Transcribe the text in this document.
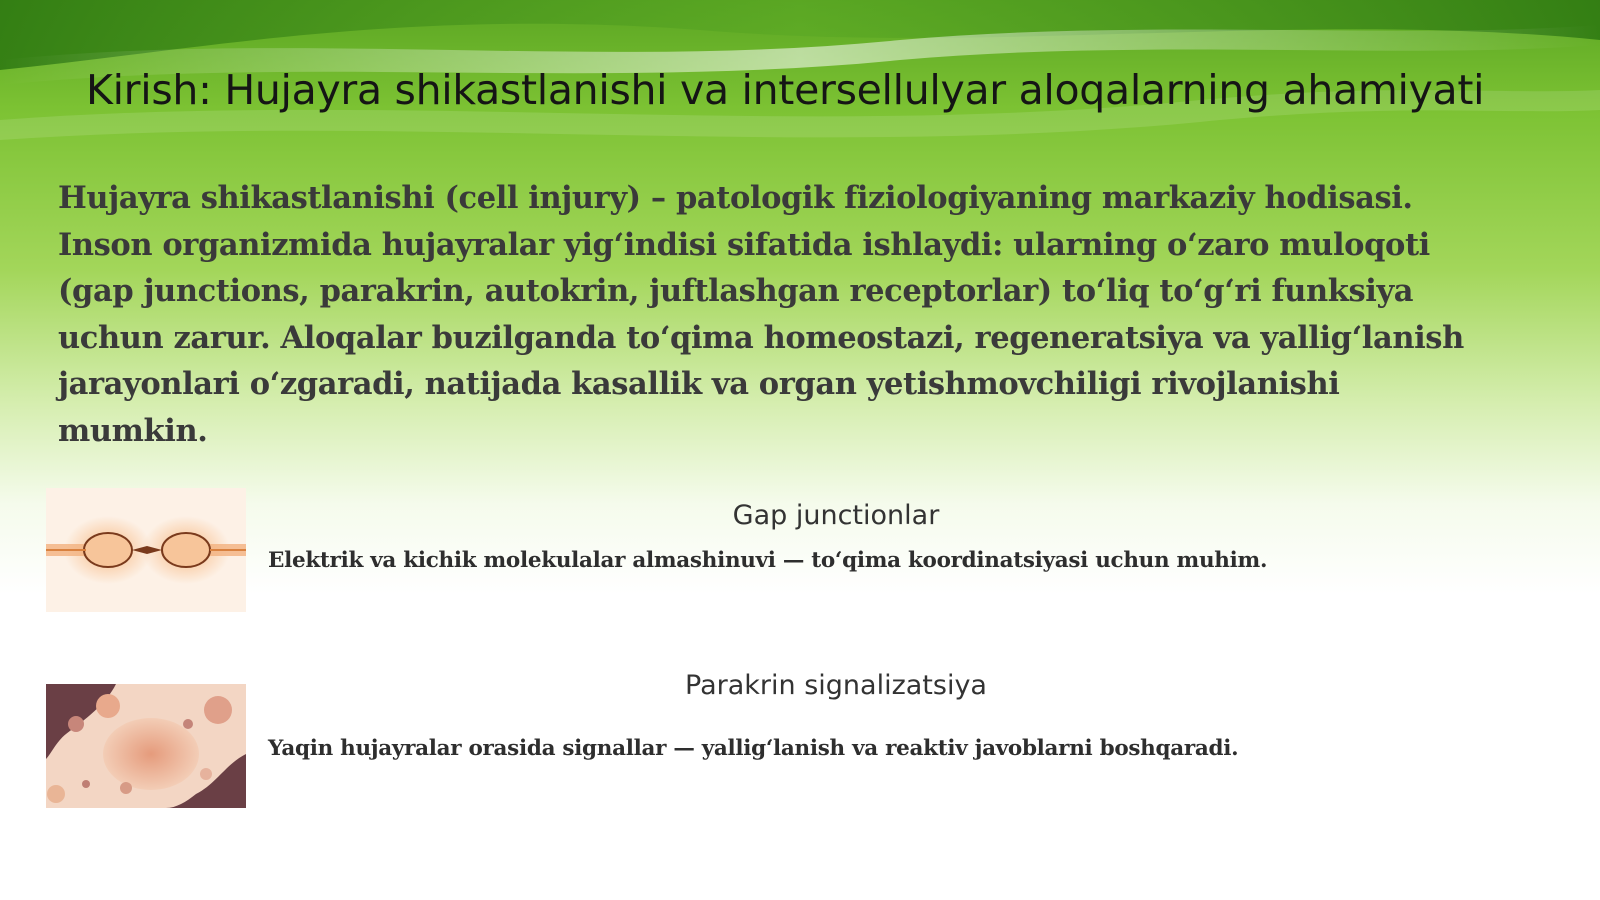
Kirish: Hujayra shikastlanishi va intersellulyar aloqalarning ahamiyati

Hujayra shikastlanishi (cell injury) – patologik fiziologiyaning markaziy hodisasi. Inson organizmida hujayralar yig‘indisi sifatida ishlaydi: ularning o‘zaro muloqoti (gap junctions, parakrin, autokrin, juftlashgan receptorlar) to‘liq to‘g‘ri funksiya uchun zarur. Aloqalar buzilganda to‘qima homeostazi, regeneratsiya va yallig‘lanish jarayonlari o‘zgaradi, natijada kasallik va organ yetishmovchiligi rivojlanishi mumkin.

Gap junctionlar
Elektrik va kichik molekulalar almashinuvi — to‘qima koordinatsiyasi uchun muhim.
Parakrin signalizatsiya
Yaqin hujayralar orasida signallar — yallig‘lanish va reaktiv javoblarni boshqaradi.
